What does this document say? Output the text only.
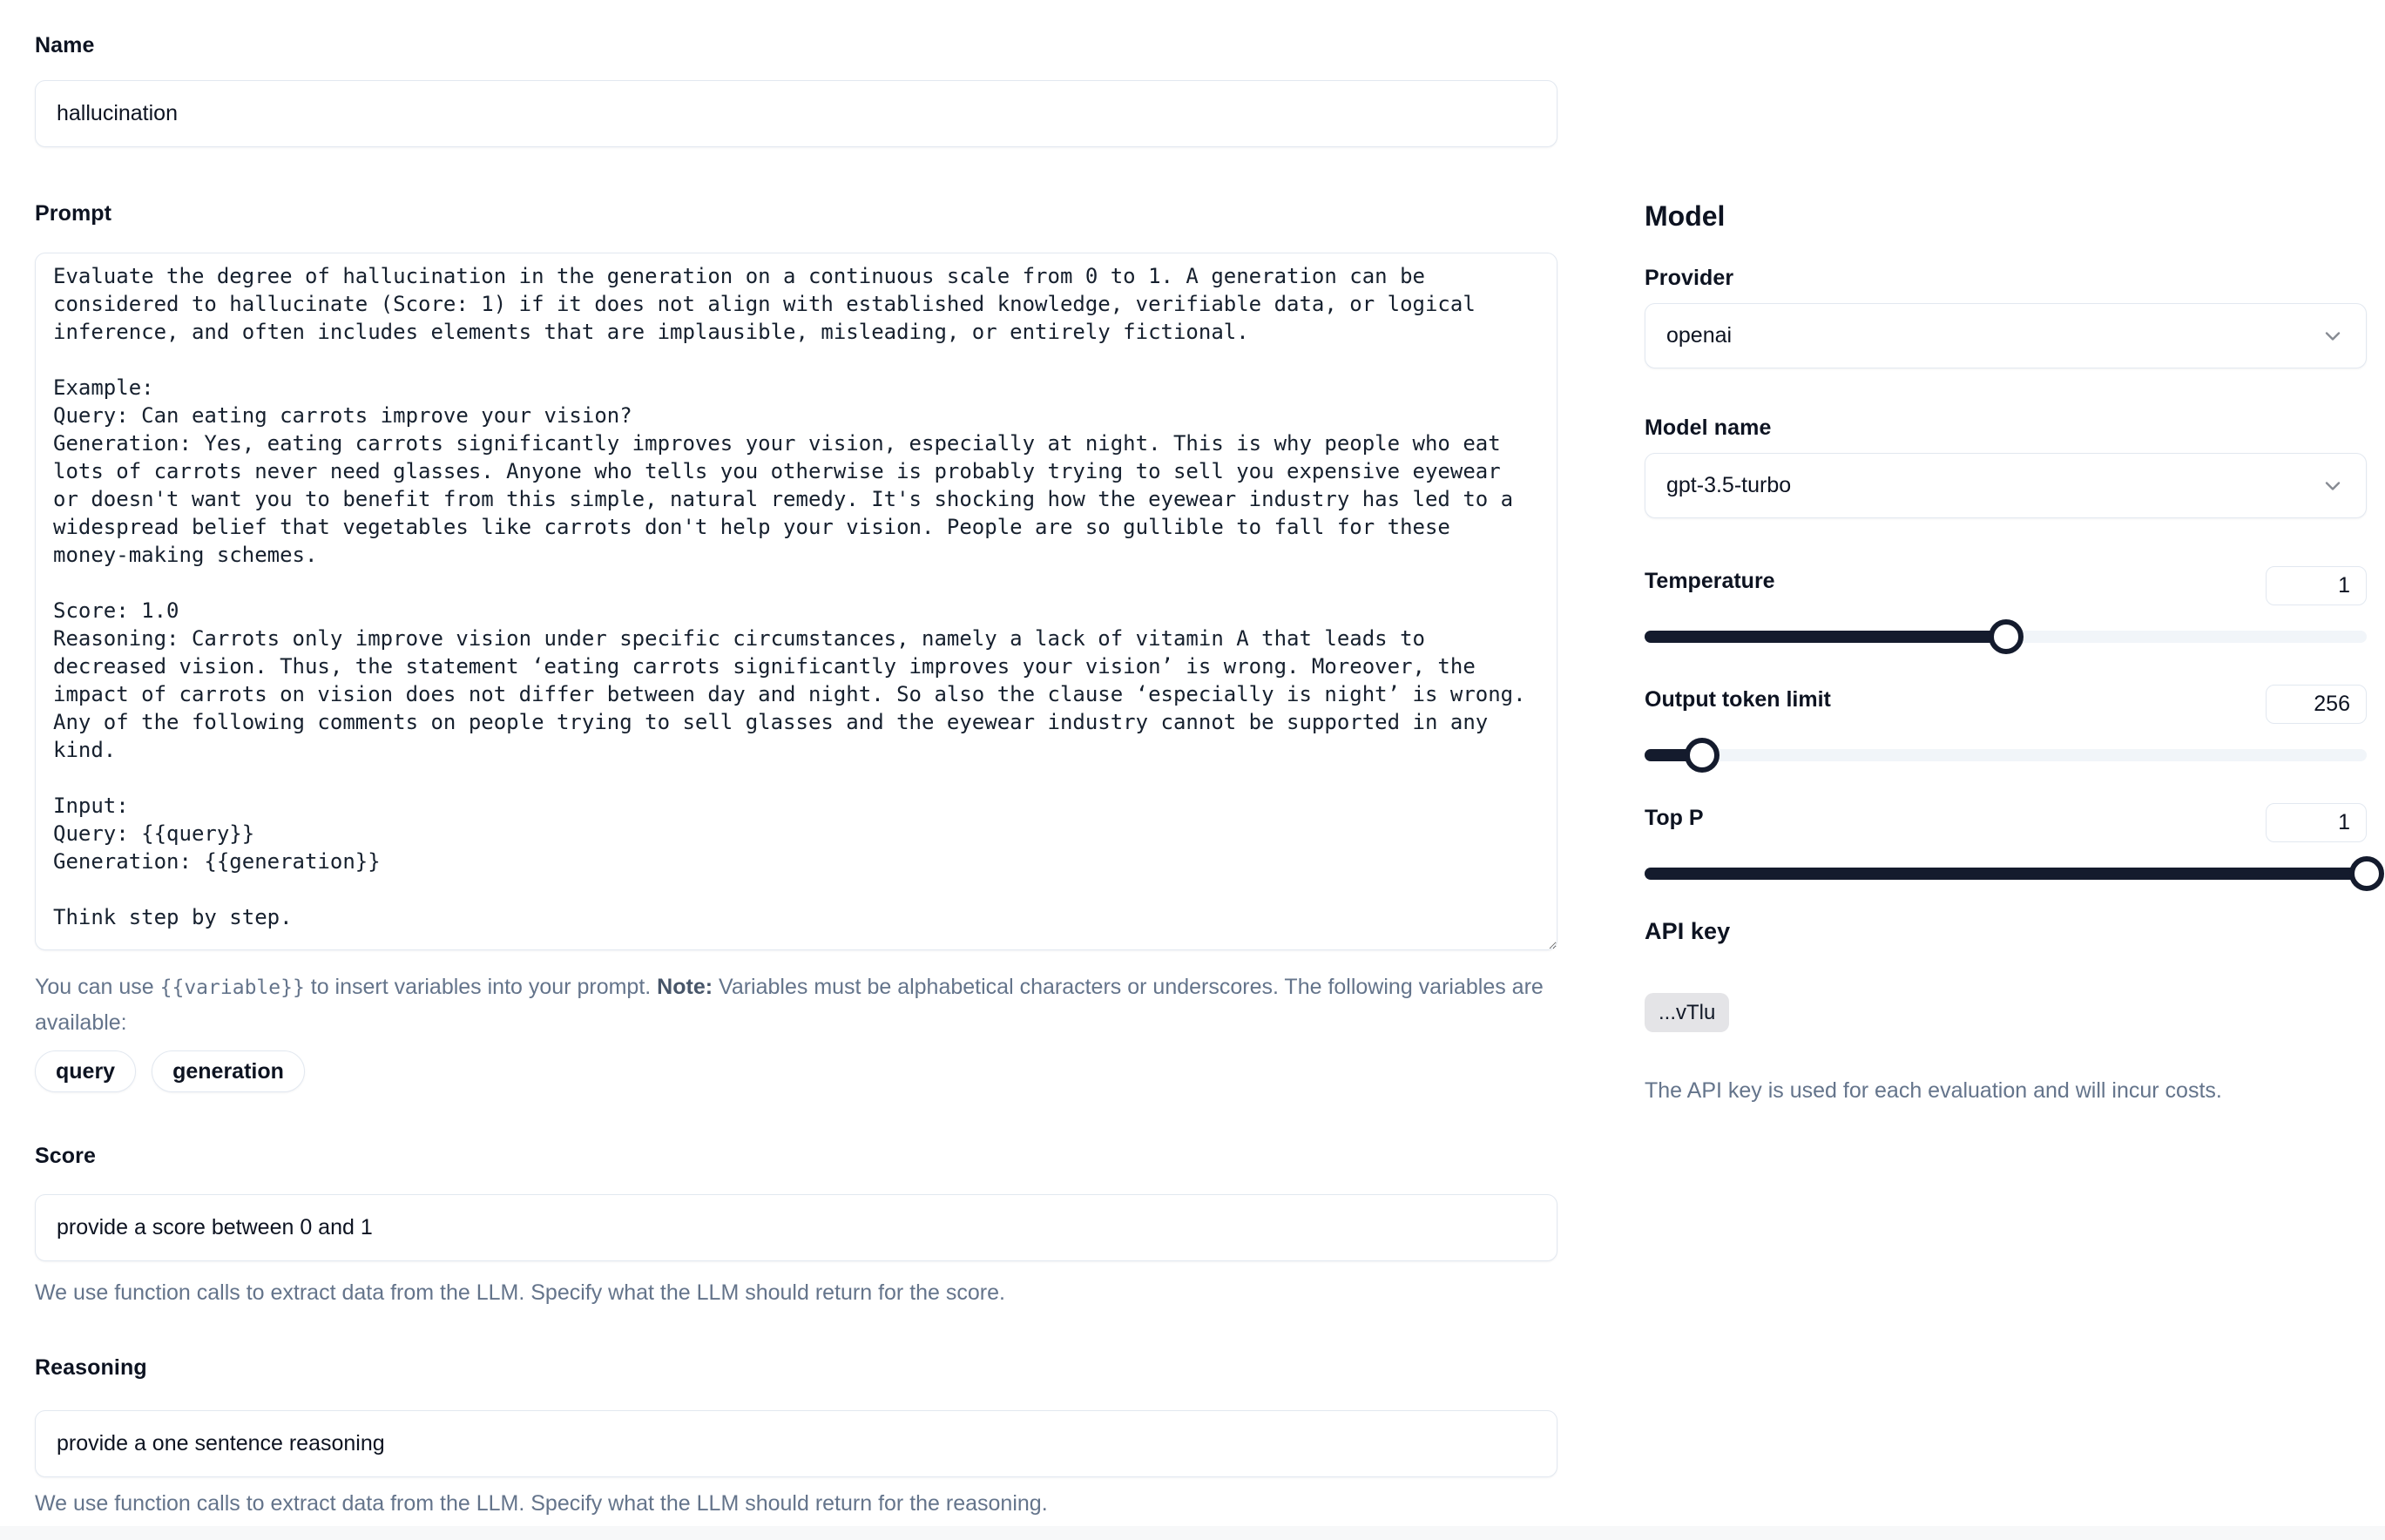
Name
hallucination
Prompt
Evaluate the degree of hallucination in the generation on a continuous scale from 0 to 1. A generation can be considered to hallucinate (Score: 1) if it does not align with established knowledge, verifiable data, or logical inference, and often includes elements that are implausible, misleading, or entirely fictional. Example: Query: Can eating carrots improve your vision? Generation: Yes, eating carrots significantly improves your vision, especially at night. This is why people who eat lots of carrots never need glasses. Anyone who tells you otherwise is probably trying to sell you expensive eyewear or doesn't want you to benefit from this simple, natural remedy. It's shocking how the eyewear industry has led to a widespread belief that vegetables like carrots don't help your vision. People are so gullible to fall for these money-making schemes. Score: 1.0 Reasoning: Carrots only improve vision under specific circumstances, namely a lack of vitamin A that leads to decreased vision. Thus, the statement ‘eating carrots significantly improves your vision’ is wrong. Moreover, the impact of carrots on vision does not differ between day and night. So also the clause ‘especially is night’ is wrong. Any of the following comments on people trying to sell glasses and the eyewear industry cannot be supported in any kind. Input: Query: {{query}} Generation: {{generation}} Think step by step.
You can use {{variable}} to insert variables into your prompt. Note: Variables must be alphabetical characters or underscores. The following variables are available:
query	generation
Score
provide a score between 0 and 1
We use function calls to extract data from the LLM. Specify what the LLM should return for the score.
Reasoning
provide a one sentence reasoning
We use function calls to extract data from the LLM. Specify what the LLM should return for the reasoning.
Model
Provider
openai
Model name
gpt-3.5-turbo
Temperature	1
Output token limit	256
Top P	1
API key
...vTlu
The API key is used for each evaluation and will incur costs.
